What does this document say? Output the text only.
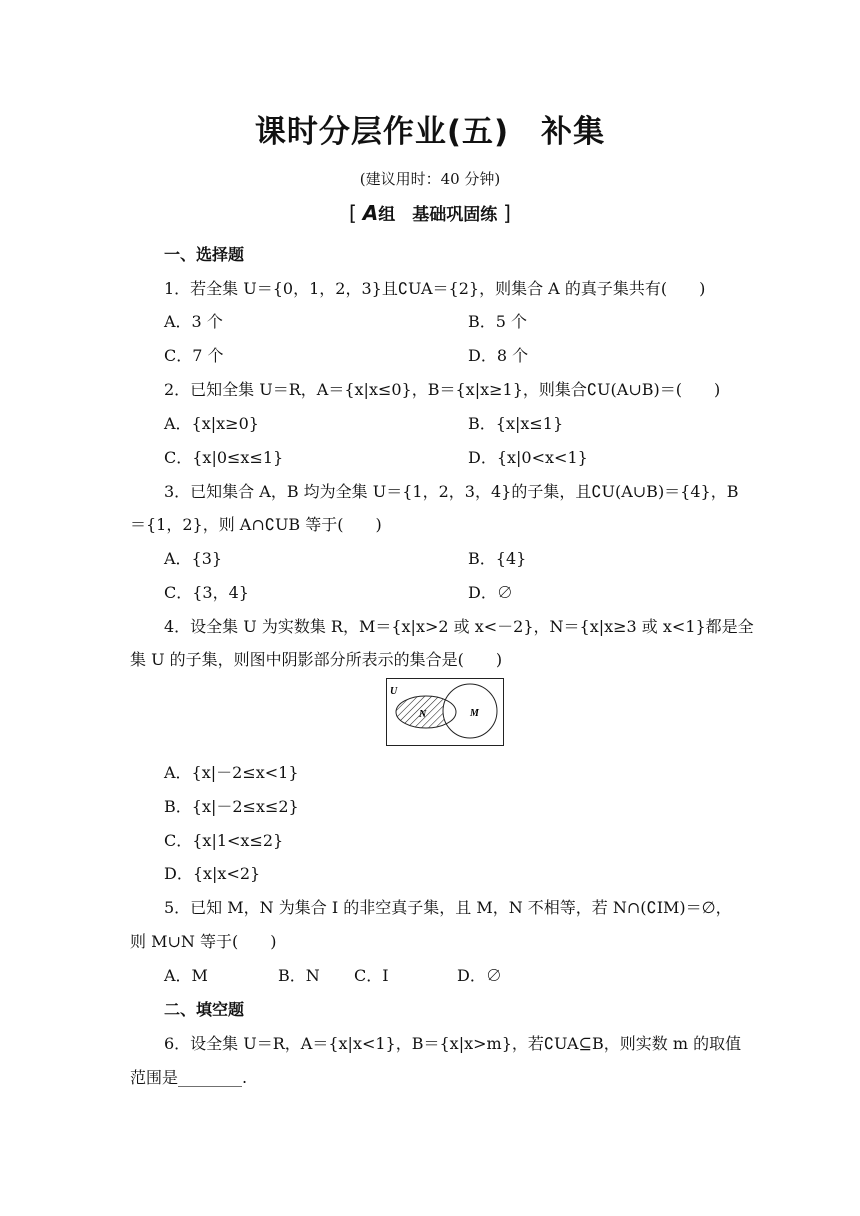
课时分层作业(五)　补集
(建议用时：40 分钟)
[ A组　基础巩固练 ]
一、选择题
1．若全集 U＝{0，1，2，3}且∁UA＝{2}，则集合 A 的真子集共有(　　)
A．3 个	B．5 个
C．7 个	D．8 个
2．已知全集 U＝R，A＝{x|x≤0}，B＝{x|x≥1}，则集合∁U(A∪B)＝(　　)
A．{x|x≥0}	B．{x|x≤1}
C．{x|0≤x≤1}	D．{x|0<x<1}
3．已知集合 A，B 均为全集 U＝{1，2，3，4}的子集，且∁U(A∪B)＝{4}，B
＝{1，2}，则 A∩∁UB 等于(　　)
A．{3}	B．{4}
C．{3，4}	D．∅
4．设全集 U 为实数集 R，M＝{x|x>2 或 x<－2}，N＝{x|x≥3 或 x<1}都是全
集 U 的子集，则图中阴影部分所表示的集合是(　　)
U
N	M
A．{x|－2≤x<1}
B．{x|－2≤x≤2}
C．{x|1<x≤2}
D．{x|x<2}
5．已知 M，N 为集合 I 的非空真子集，且 M，N 不相等，若 N∩(∁IM)＝∅，
则 M∪N 等于(　　)
A．M	B．N C．I	D．∅
二、填空题
6．设全集 U＝R，A＝{x|x<1}，B＝{x|x>m}，若∁UA⊆B，则实数 m 的取值
范围是________.
